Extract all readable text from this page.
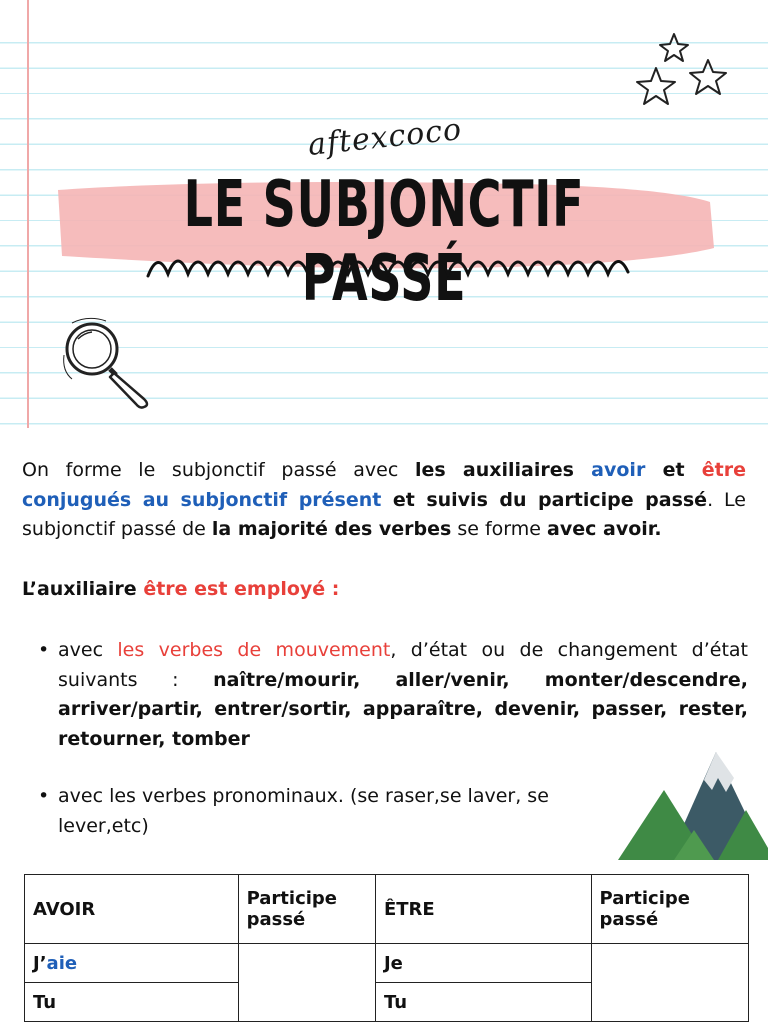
aftexcoco
LE SUBJONCTIF PASSÉ

On forme le subjonctif passé avec les auxiliaires avoir et être conjugués au subjonctif présent et suivis du participe passé. Le subjonctif passé de la majorité des verbes se forme avec avoir.

L’auxiliaire être est employé :
• avec les verbes de mouvement, d’état ou de changement d’état suivants : naître/mourir, aller/venir, monter/descendre, arriver/partir, entrer/sortir, apparaître, devenir, passer, rester, retourner, tomber
• avec les verbes pronominaux. (se raser,se laver, se lever,etc)
AVOIR	Participe passé	ÊTRE	Participe passé
J’aie		Je	
Tu		Tu	
